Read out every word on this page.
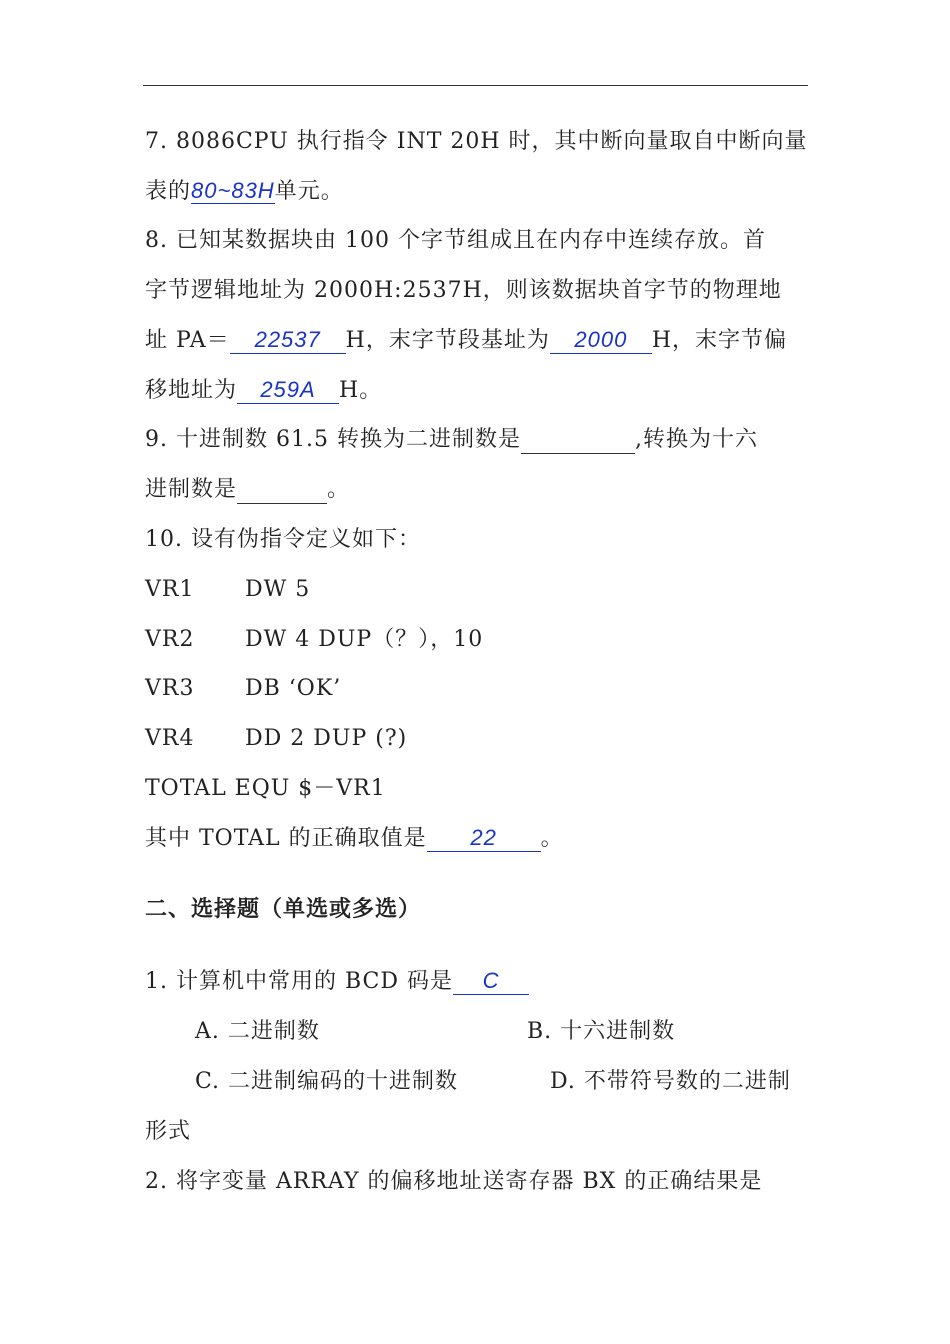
7. 8086CPU 执行指令 INT 20H 时，其中断向量取自中断向量
表的80~83H单元。
8. 已知某数据块由 100 个字节组成且在内存中连续存放。首
字节逻辑地址为 2000H:2537H，则该数据块首字节的物理地
址 PA＝ 22537 H，末字节段基址为 2000 H，末字节偏
移地址为 259A H。
9. 十进制数 61.5 转换为二进制数是	,转换为十六
进制数是	。
10. 设有伪指令定义如下：
VR1 DW 5
VR2 DW 4 DUP（？），10
VR3 DB ‘OK’
VR4 DD 2 DUP (?)
TOTAL EQU $－VR1
其中 TOTAL 的正确取值是 22 。
二、选择题（单选或多选）
1. 计算机中常用的 BCD 码是 C
A. 二进制数	B. 十六进制数
C. 二进制编码的十进制数	D. 不带符号数的二进制
形式
2. 将字变量 ARRAY 的偏移地址送寄存器 BX 的正确结果是
